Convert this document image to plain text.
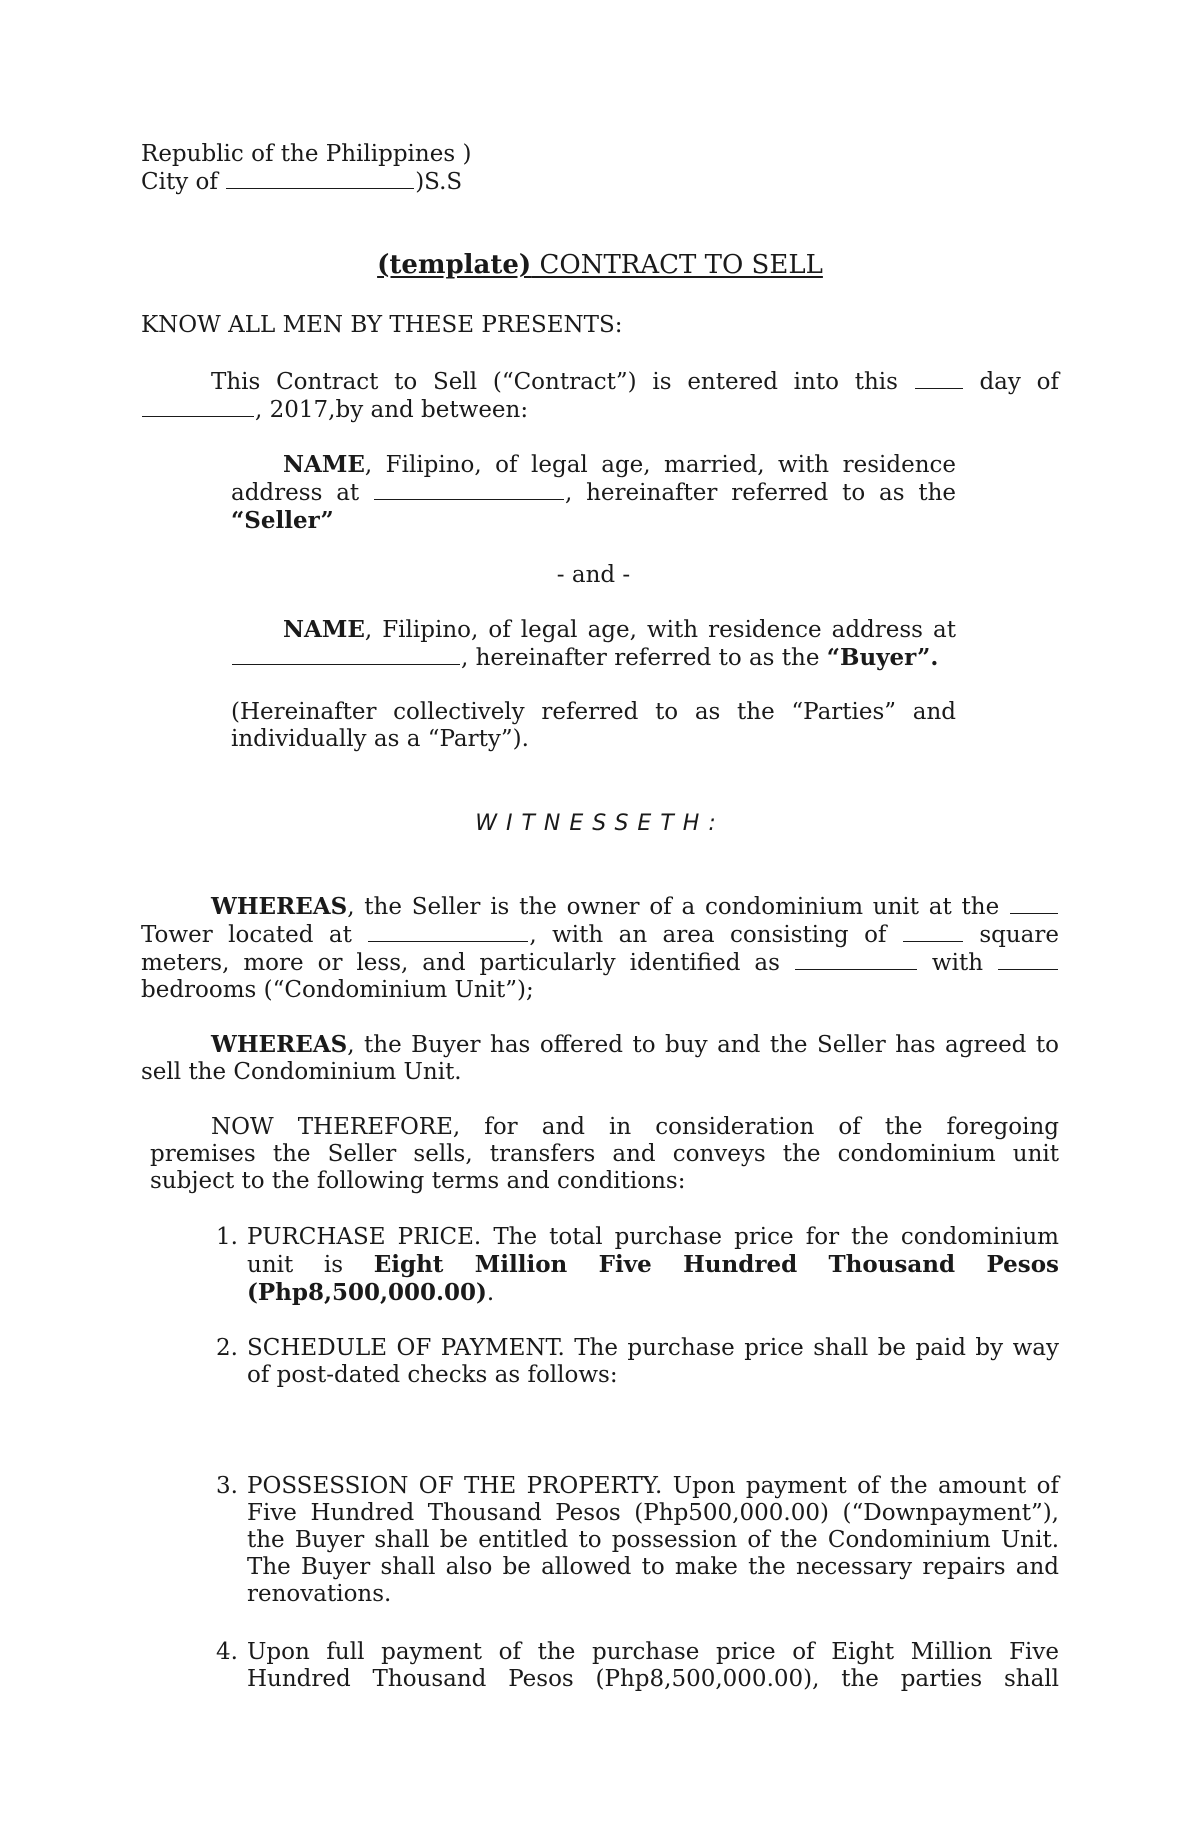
Republic of the Philippines )
City of	)S.S
(template) CONTRACT TO SELL
KNOW ALL MEN BY THESE PRESENTS:
This Contract to Sell (“Contract”) is entered into this	day of , 2017,by and between:
NAME, Filipino, of legal age, married, with residence address at	, hereinafter referred to as the “Seller”
- and -
NAME, Filipino, of legal age, with residence address at , hereinafter referred to as the “Buyer”.
(Hereinafter collectively referred to as the “Parties” and individually as a “Party”).
WITNESSETH:
WHEREAS, the Seller is the owner of a condominium unit at the Tower located at	, with an area consisting of	square meters, more or less, and particularly identified as	with  bedrooms (“Condominium Unit”);
WHEREAS, the Buyer has offered to buy and the Seller has agreed to sell the Condominium Unit.
NOW THEREFORE, for and in consideration of the foregoing
premises the Seller sells, transfers and conveys the condominium unit subject to the following terms and conditions:
1. PURCHASE PRICE. The total purchase price for the condominium unit is Eight Million Five Hundred Thousand Pesos (Php8,500,000.00).
2. SCHEDULE OF PAYMENT. The purchase price shall be paid by way of post-dated checks as follows:
3. POSSESSION OF THE PROPERTY. Upon payment of the amount of Five Hundred Thousand Pesos (Php500,000.00) (“Downpayment”), the Buyer shall be entitled to possession of the Condominium Unit. The Buyer shall also be allowed to make the necessary repairs and renovations.
4. Upon full payment of the purchase price of Eight Million Five Hundred Thousand Pesos (Php8,500,000.00), the parties shall
